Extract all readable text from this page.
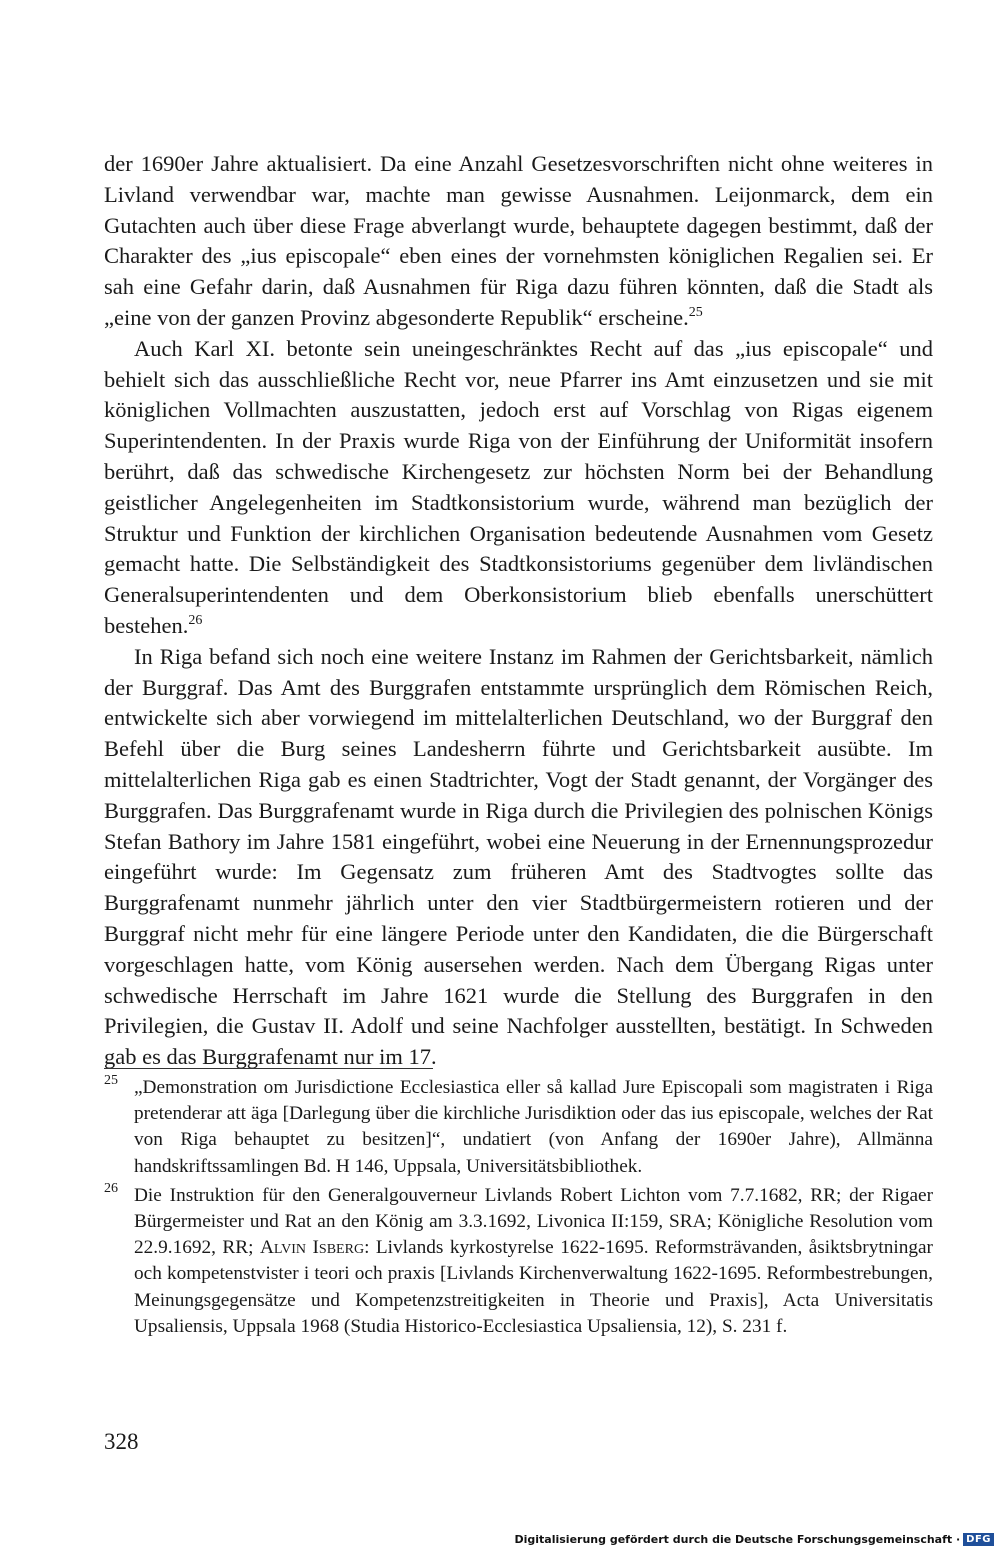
der 1690er Jahre aktualisiert. Da eine Anzahl Gesetzesvorschriften nicht ohne weiteres in Livland verwendbar war, machte man gewisse Ausnahmen. Leijonmarck, dem ein Gutachten auch über diese Frage abverlangt wurde, behauptete dagegen bestimmt, daß der Charakter des „ius episcopale“ eben eines der vornehmsten königlichen Regalien sei. Er sah eine Gefahr darin, daß Ausnahmen für Riga dazu führen könnten, daß die Stadt als „eine von der ganzen Provinz abgesonderte Republik“ erscheine.$^{25}$

Auch Karl XI. betonte sein uneingeschränktes Recht auf das „ius episcopale“ und behielt sich das ausschließliche Recht vor, neue Pfarrer ins Amt einzusetzen und sie mit königlichen Vollmachten auszustatten, jedoch erst auf Vorschlag von Rigas eigenem Superintendenten. In der Praxis wurde Riga von der Einführung der Uniformität insofern berührt, daß das schwedische Kirchengesetz zur höchsten Norm bei der Behandlung geistlicher Angelegenheiten im Stadtkonsistorium wurde, während man bezüglich der Struktur und Funktion der kirchlichen Organisation bedeutende Ausnahmen vom Gesetz gemacht hatte. Die Selbständigkeit des Stadtkonsistoriums gegenüber dem livländischen Generalsuperintendenten und dem Oberkonsistorium blieb ebenfalls unerschüttert bestehen.$^{26}$

In Riga befand sich noch eine weitere Instanz im Rahmen der Gerichtsbarkeit, nämlich der Burggraf. Das Amt des Burggrafen entstammte ursprünglich dem Römischen Reich, entwickelte sich aber vorwiegend im mittelalterlichen Deutschland, wo der Burggraf den Befehl über die Burg seines Landesherrn führte und Gerichtsbarkeit ausübte. Im mittelalterlichen Riga gab es einen Stadtrichter, Vogt der Stadt genannt, der Vorgänger des Burggrafen. Das Burggrafenamt wurde in Riga durch die Privilegien des polnischen Königs Stefan Bathory im Jahre 1581 eingeführt, wobei eine Neuerung in der Ernennungsprozedur eingeführt wurde: Im Gegensatz zum früheren Amt des Stadtvogtes sollte das Burggrafenamt nunmehr jährlich unter den vier Stadtbürgermeistern rotieren und der Burggraf nicht mehr für eine längere Periode unter den Kandidaten, die die Bürgerschaft vorgeschlagen hatte, vom König ausersehen werden. Nach dem Übergang Rigas unter schwedische Herrschaft im Jahre 1621 wurde die Stellung des Burggrafen in den Privilegien, die Gustav II. Adolf und seine Nachfolger ausstellten, bestätigt. In Schweden gab es das Burggrafenamt nur im 17.

25 „Demonstration om Jurisdictione Ecclesiastica eller så kallad Jure Episcopali som magistraten i Riga pretenderar att äga [Darlegung über die kirchliche Jurisdiktion oder das ius episcopale, welches der Rat von Riga behauptet zu besitzen]“, undatiert (von Anfang der 1690er Jahre), Allmänna handskriftssamlingen Bd. H 146, Uppsala, Universitätsbibliothek.
26 Die Instruktion für den Generalgouverneur Livlands Robert Lichton vom 7.7.1682, RR; der Rigaer Bürgermeister und Rat an den König am 3.3.1692, Livonica II:159, SRA; Königliche Resolution vom 22.9.1692, RR; Alvin Isberg: Livlands kyrkostyrelse 1622-1695. Reformsträvanden, åsiktsbrytningar och kompetenstvister i teori och praxis [Livlands Kirchenverwaltung 1622-1695. Reformbestrebungen, Meinungsgegensätze und Kompetenzstreitigkeiten in Theorie und Praxis], Acta Universitatis Upsaliensis, Uppsala 1968 (Studia Historico-Ecclesiastica Upsaliensia, 12), S. 231 f.
328
Digitalisierung gefördert durch die Deutsche Forschungsgemeinschaft · DFG
